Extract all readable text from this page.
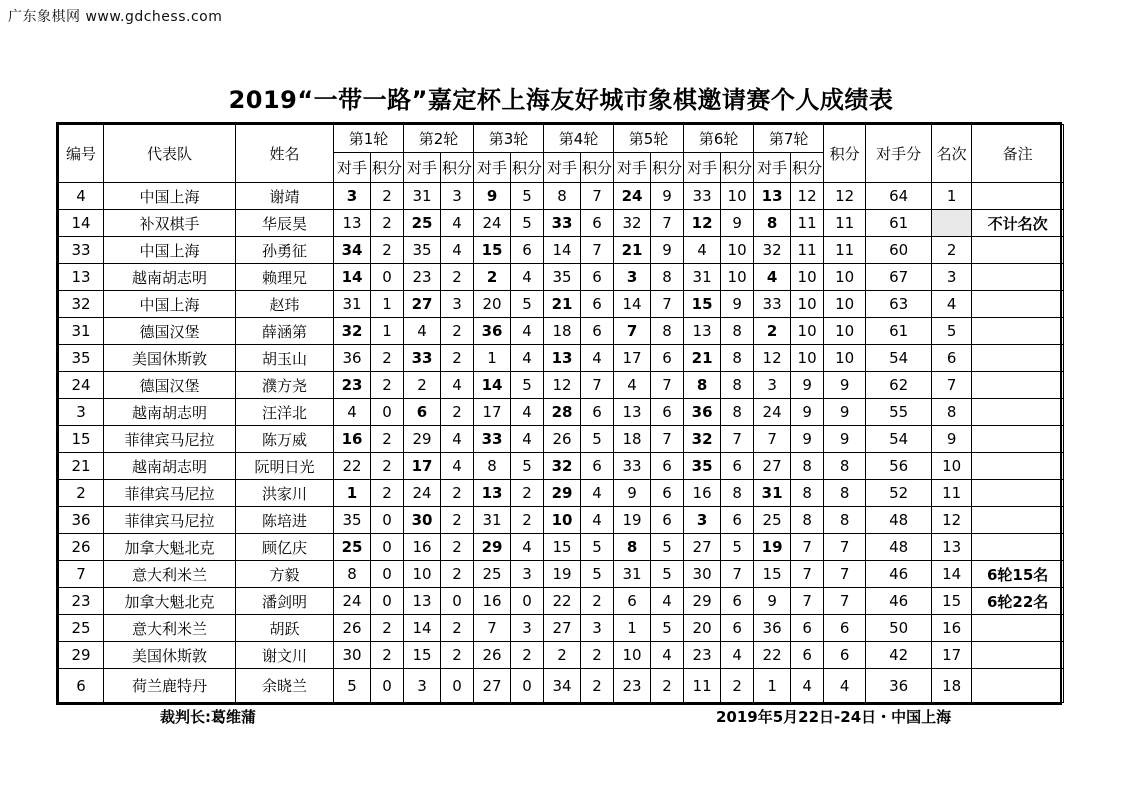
广东象棋网 www.gdchess.com
2019“一带一路”嘉定杯上海友好城市象棋邀请赛个人成绩表
编号	代表队	姓名	第1轮		第2轮		第3轮		第4轮		第5轮		第6轮		第7轮		积分	对手分	名次	备注
			对手	积分	对手	积分	对手	积分	对手	积分	对手	积分	对手	积分	对手	积分				
4	中国上海	谢靖	3	2	31	3	9	5	8	7	24	9	33	10	13	12	12	64	1	
14	补双棋手	华辰昊	13	2	25	4	24	5	33	6	32	7	12	9	8	11	11	61		不计名次
33	中国上海	孙勇征	34	2	35	4	15	6	14	7	21	9	4	10	32	11	11	60	2	
13	越南胡志明	赖理兄	14	0	23	2	2	4	35	6	3	8	31	10	4	10	10	67	3	
32	中国上海	赵玮	31	1	27	3	20	5	21	6	14	7	15	9	33	10	10	63	4	
31	德国汉堡	薛涵第	32	1	4	2	36	4	18	6	7	8	13	8	2	10	10	61	5	
35	美国休斯敦	胡玉山	36	2	33	2	1	4	13	4	17	6	21	8	12	10	10	54	6	
24	德国汉堡	濮方尧	23	2	2	4	14	5	12	7	4	7	8	8	3	9	9	62	7	
3	越南胡志明	汪洋北	4	0	6	2	17	4	28	6	13	6	36	8	24	9	9	55	8	
15	菲律宾马尼拉	陈万威	16	2	29	4	33	4	26	5	18	7	32	7	7	9	9	54	9	
21	越南胡志明	阮明日光	22	2	17	4	8	5	32	6	33	6	35	6	27	8	8	56	10	
2	菲律宾马尼拉	洪家川	1	2	24	2	13	2	29	4	9	6	16	8	31	8	8	52	11	
36	菲律宾马尼拉	陈培进	35	0	30	2	31	2	10	4	19	6	3	6	25	8	8	48	12	
26	加拿大魁北克	顾亿庆	25	0	16	2	29	4	15	5	8	5	27	5	19	7	7	48	13	
7	意大利米兰	方毅	8	0	10	2	25	3	19	5	31	5	30	7	15	7	7	46	14	6轮15名
23	加拿大魁北克	潘剑明	24	0	13	0	16	0	22	2	6	4	29	6	9	7	7	46	15	6轮22名
25	意大利米兰	胡跃	26	2	14	2	7	3	27	3	1	5	20	6	36	6	6	50	16	
29	美国休斯敦	谢文川	30	2	15	2	26	2	2	2	10	4	23	4	22	6	6	42	17	
6	荷兰鹿特丹	余晓兰	5	0	3	0	27	0	34	2	23	2	11	2	1	4	4	36	18	
裁判长:葛维蒲	2019年5月22日-24日・中国上海
